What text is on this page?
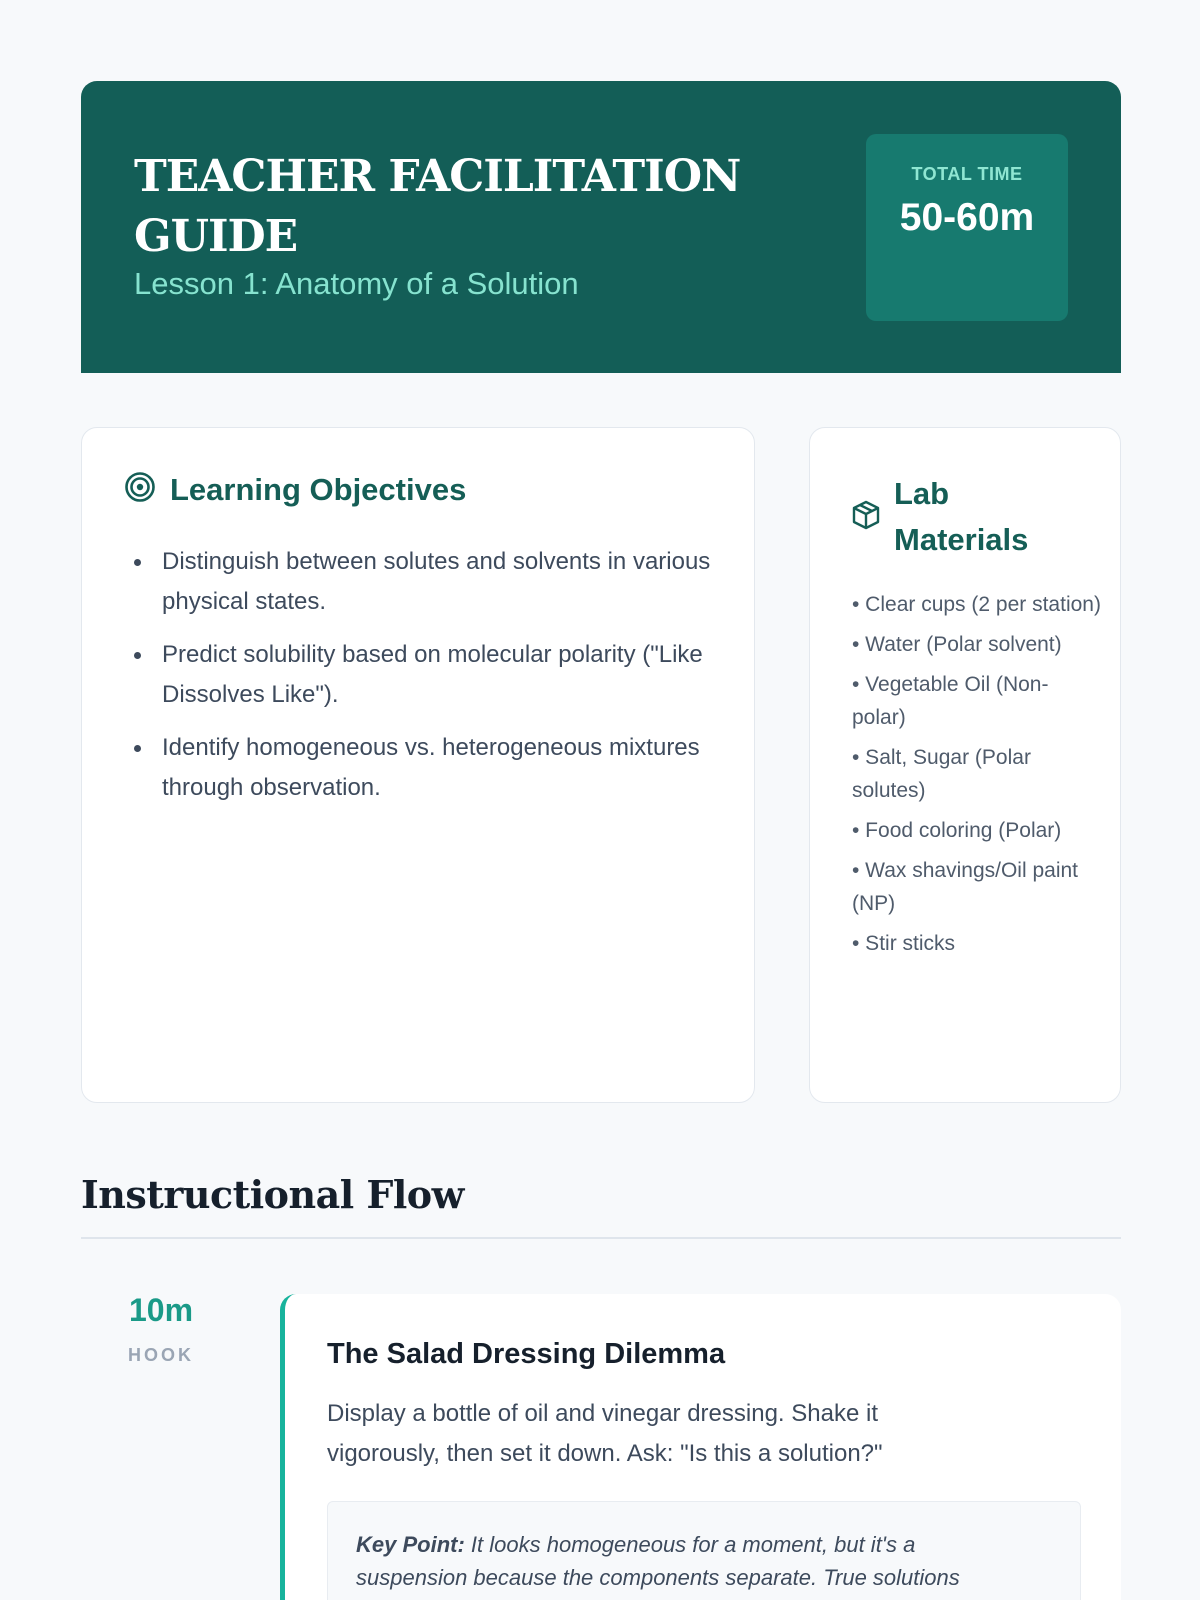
TEACHER FACILITATION GUIDE
Lesson 1: Anatomy of a Solution
TOTAL TIME
50-60m
Learning Objectives
Distinguish between solutes and solvents in various physical states.
Predict solubility based on molecular polarity ("Like Dissolves Like").
Identify homogeneous vs. heterogeneous mixtures through observation.
Lab Materials
• Clear cups (2 per station)
• Water (Polar solvent)
• Vegetable Oil (Non-polar)
• Salt, Sugar (Polar solutes)
• Food coloring (Polar)
• Wax shavings/Oil paint (NP)
• Stir sticks
Instructional Flow
10m
HOOK	The Salad Dressing Dilemma
Display a bottle of oil and vinegar dressing. Shake it vigorously, then set it down. Ask: "Is this a solution?"
Key Point: It looks homogeneous for a moment, but it's a suspension because the components separate. True solutions
